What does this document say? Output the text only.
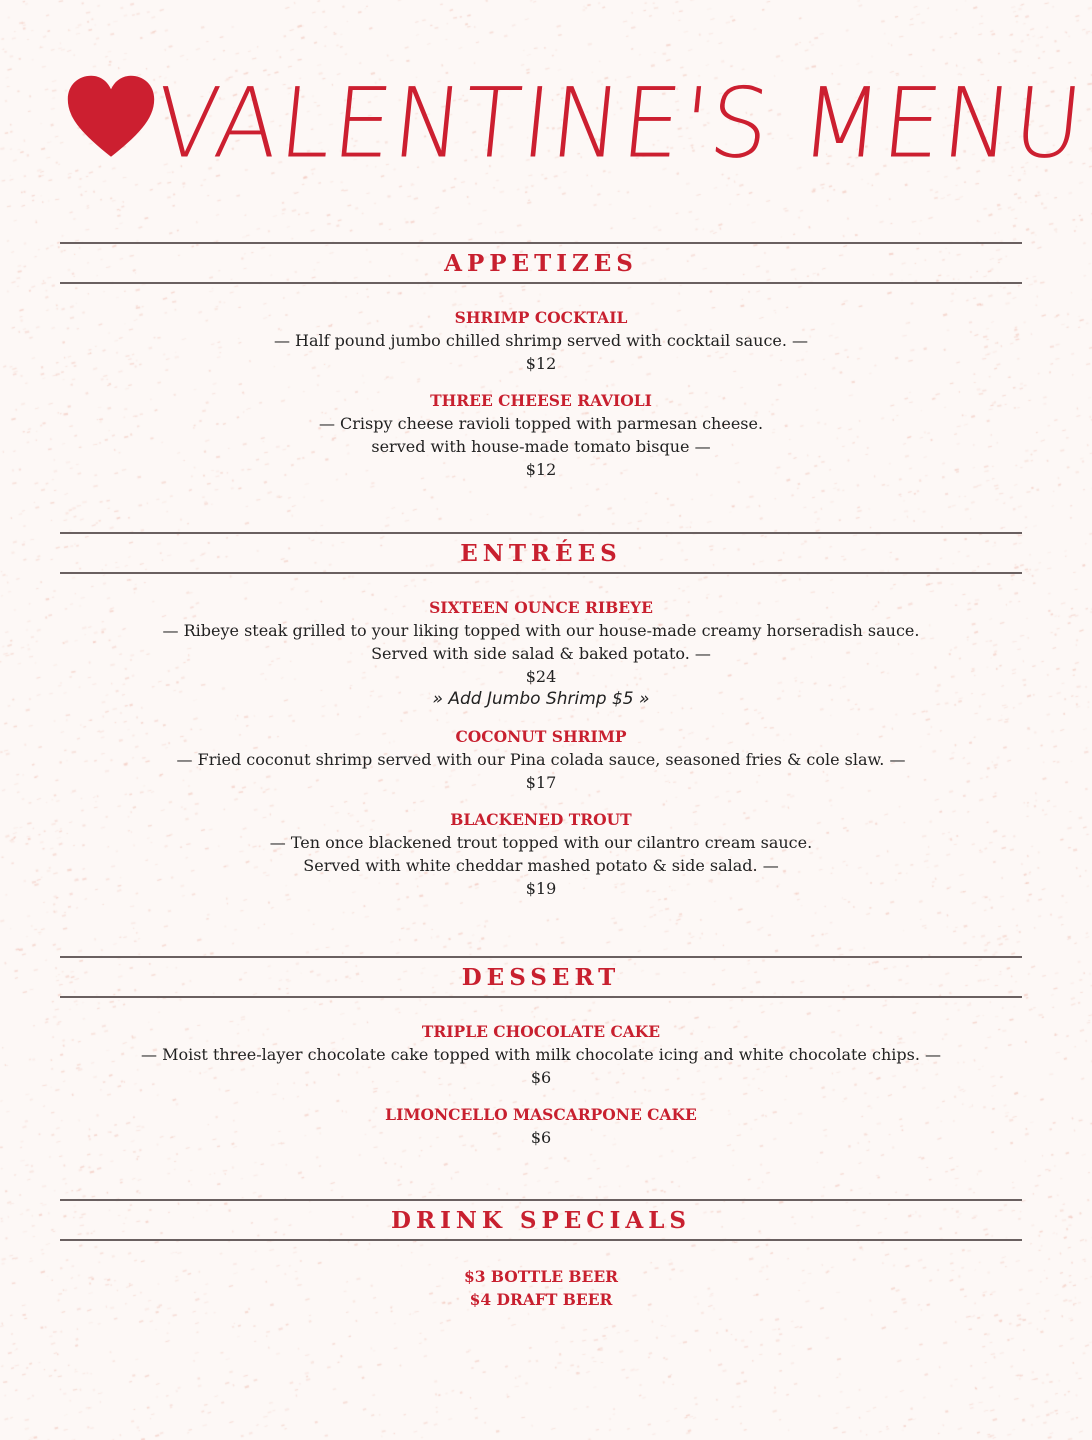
VALENTINE'S MENU
APPETIZES
SHRIMP COCKTAIL
— Half pound jumbo chilled shrimp served with cocktail sauce. —
$12
THREE CHEESE RAVIOLI
— Crispy cheese ravioli topped with parmesan cheese.
served with house-made tomato bisque —
$12
ENTRÉES
SIXTEEN OUNCE RIBEYE
— Ribeye steak grilled to your liking topped with our house-made creamy horseradish sauce.
Served with side salad & baked potato. —
$24
» Add Jumbo Shrimp $5 »
COCONUT SHRIMP
— Fried coconut shrimp served with our Pina colada sauce, seasoned fries & cole slaw. —
$17
BLACKENED TROUT
— Ten once blackened trout topped with our cilantro cream sauce.
Served with white cheddar mashed potato & side salad. —
$19
DESSERT
TRIPLE CHOCOLATE CAKE
— Moist three-layer chocolate cake topped with milk chocolate icing and white chocolate chips. —
$6
LIMONCELLO MASCARPONE CAKE
$6
DRINK SPECIALS
$3 BOTTLE BEER
$4 DRAFT BEER
